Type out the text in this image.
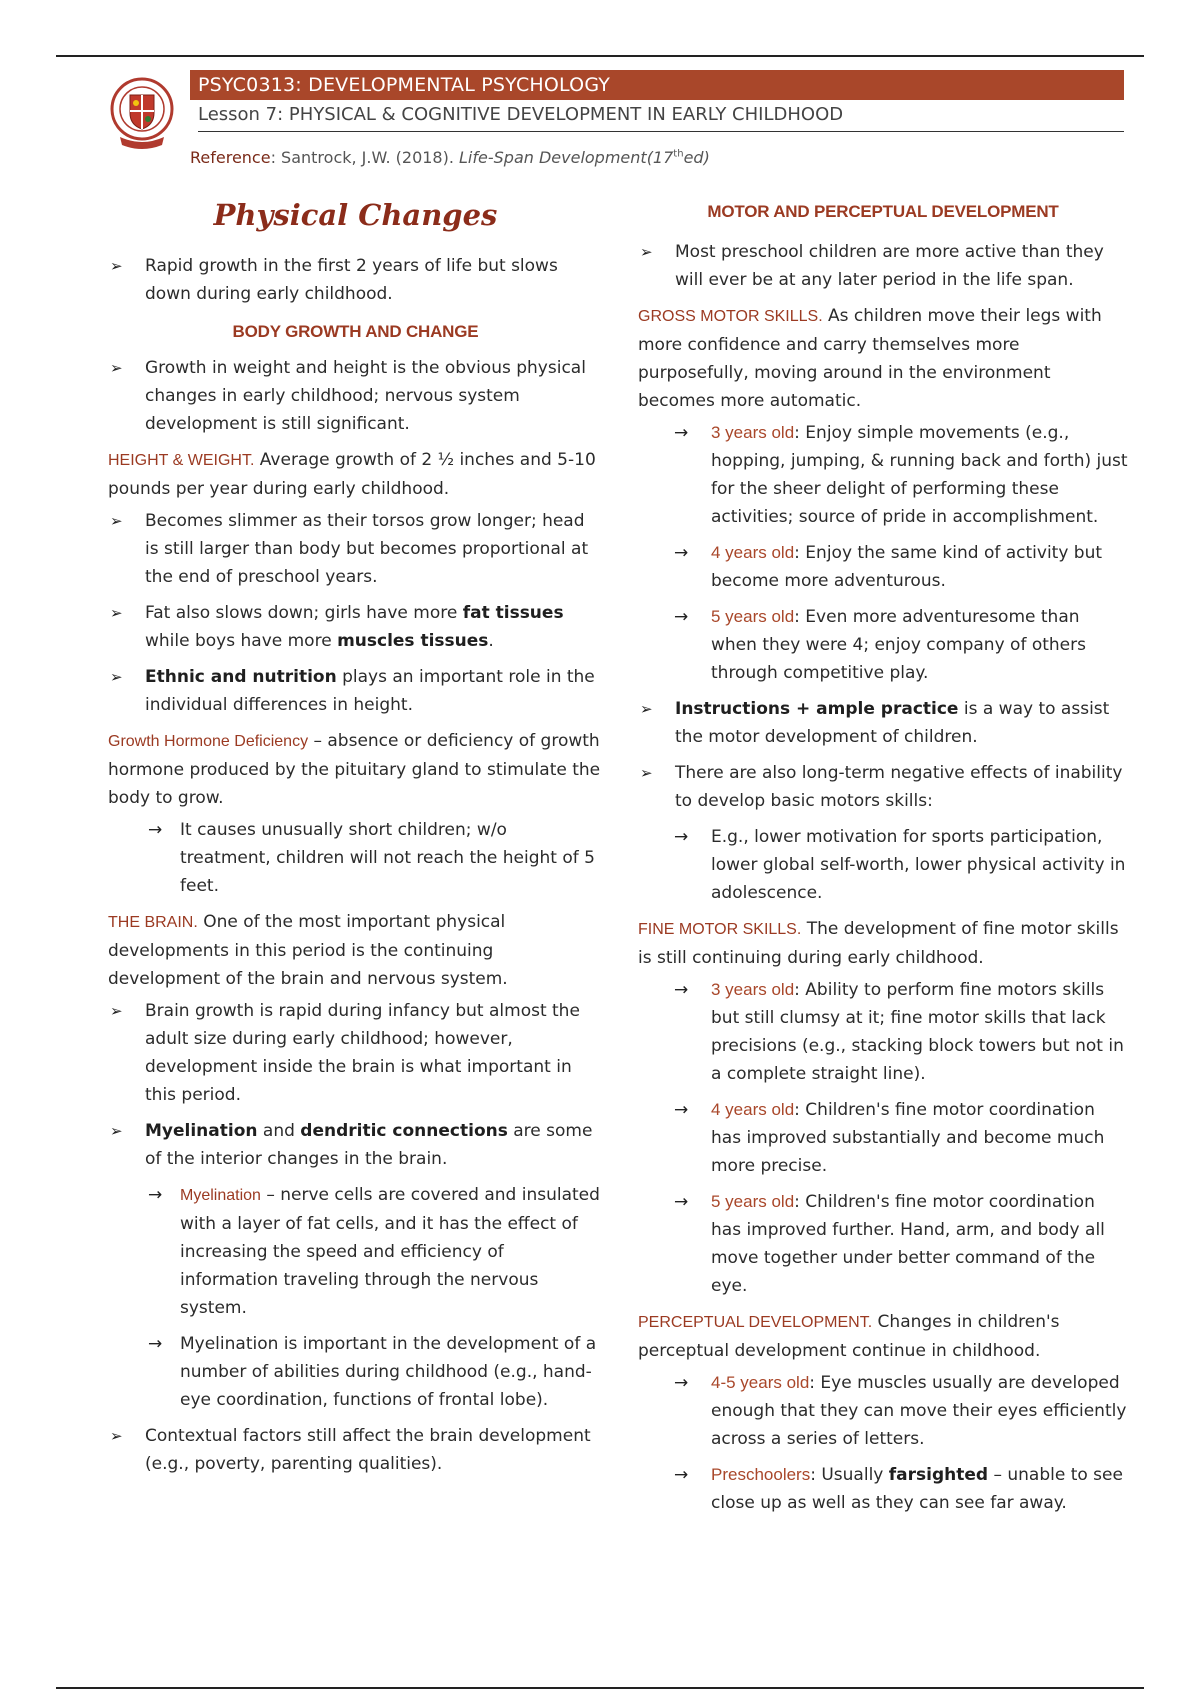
PSYC0313: DEVELOPMENTAL PSYCHOLOGY
Lesson 7: PHYSICAL & COGNITIVE DEVELOPMENT IN EARLY CHILDHOOD
Reference: Santrock, J.W. (2018). Life-Span Development(17thed)
Physical Changes
➢ Rapid growth in the first 2 years of life but slows down during early childhood.
BODY GROWTH AND CHANGE
➢ Growth in weight and height is the obvious physical changes in early childhood; nervous system development is still significant.

HEIGHT & WEIGHT. Average growth of 2 ½ inches and 5-10 pounds per year during early childhood.

➢ Becomes slimmer as their torsos grow longer; head is still larger than body but becomes proportional at the end of preschool years.
➢ Fat also slows down; girls have more fat tissues while boys have more muscles tissues.
➢ Ethnic and nutrition plays an important role in the individual differences in height.

Growth Hormone Deficiency – absence or deficiency of growth hormone produced by the pituitary gland to stimulate the body to grow.

→ It causes unusually short children; w/o treatment, children will not reach the height of 5 feet.

THE BRAIN. One of the most important physical developments in this period is the continuing development of the brain and nervous system.

➢ Brain growth is rapid during infancy but almost the adult size during early childhood; however, development inside the brain is what important in this period.
➢ Myelination and dendritic connections are some of the interior changes in the brain.
→ Myelination – nerve cells are covered and insulated with a layer of fat cells, and it has the effect of increasing the speed and efficiency of information traveling through the nervous system.
→ Myelination is important in the development of a number of abilities during childhood (e.g., hand-eye coordination, functions of frontal lobe).
➢ Contextual factors still affect the brain development (e.g., poverty, parenting qualities).
MOTOR AND PERCEPTUAL DEVELOPMENT
➢ Most preschool children are more active than they will ever be at any later period in the life span.

GROSS MOTOR SKILLS. As children move their legs with more confidence and carry themselves more purposefully, moving around in the environment becomes more automatic.

→ 3 years old: Enjoy simple movements (e.g., hopping, jumping, & running back and forth) just for the sheer delight of performing these activities; source of pride in accomplishment.
→ 4 years old: Enjoy the same kind of activity but become more adventurous.
→ 5 years old: Even more adventuresome than when they were 4; enjoy company of others through competitive play.
➢ Instructions + ample practice is a way to assist the motor development of children.
➢ There are also long-term negative effects of inability to develop basic motors skills:
→ E.g., lower motivation for sports participation, lower global self-worth, lower physical activity in adolescence.

FINE MOTOR SKILLS. The development of fine motor skills is still continuing during early childhood.

→ 3 years old: Ability to perform fine motors skills but still clumsy at it; fine motor skills that lack precisions (e.g., stacking block towers but not in a complete straight line).
→ 4 years old: Children's fine motor coordination has improved substantially and become much more precise.
→ 5 years old: Children's fine motor coordination has improved further. Hand, arm, and body all move together under better command of the eye.

PERCEPTUAL DEVELOPMENT. Changes in children's perceptual development continue in childhood.

→ 4-5 years old: Eye muscles usually are developed enough that they can move their eyes efficiently across a series of letters.
→ Preschoolers: Usually farsighted – unable to see close up as well as they can see far away.
